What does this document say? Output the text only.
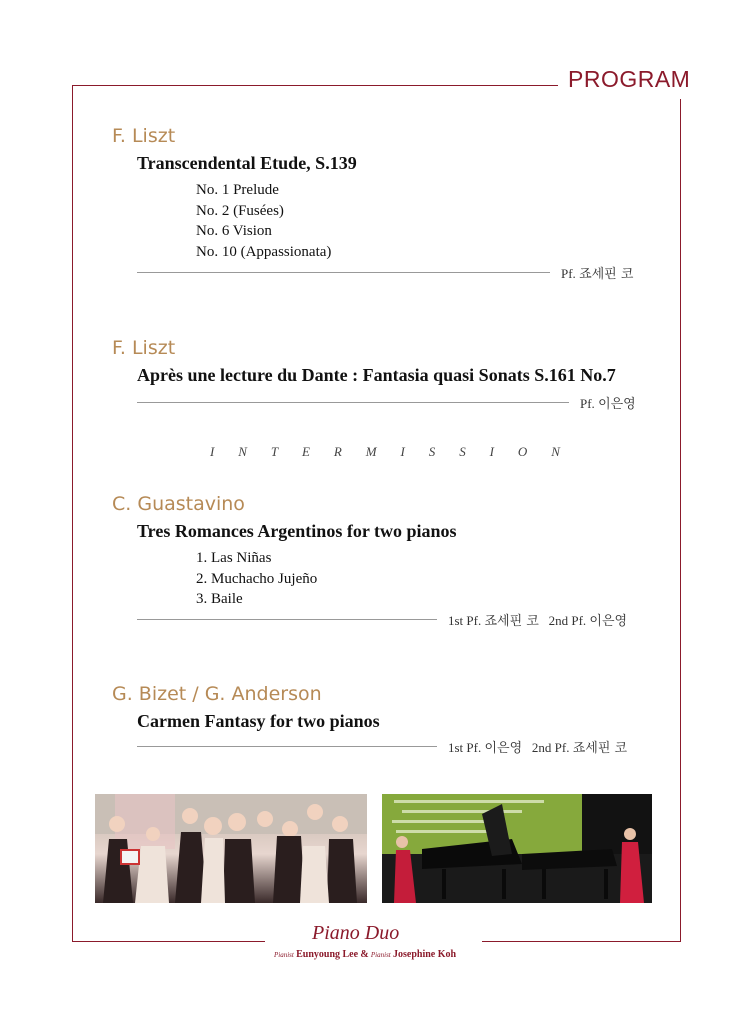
PROGRAM
F. Liszt
Transcendental Etude, S.139
No. 1 Prelude
No. 2 (Fusées)
No. 6 Vision
No. 10 (Appassionata)
Pf. 죠세핀 코
F. Liszt
Après une lecture du Dante : Fantasia quasi Sonats S.161 No.7
Pf. 이은영
I N T E R M I S S I O N
C. Guastavino
Tres Romances Argentinos for two pianos
1. Las Niñas
2. Muchacho Jujeño
3. Baile
1st Pf. 죠세핀 코 2nd Pf. 이은영
G. Bizet / G. Anderson
Carmen Fantasy for two pianos
1st Pf. 이은영 2nd Pf. 죠세핀 코
Piano Duo
Pianist Eunyoung Lee & Pianist Josephine Koh
